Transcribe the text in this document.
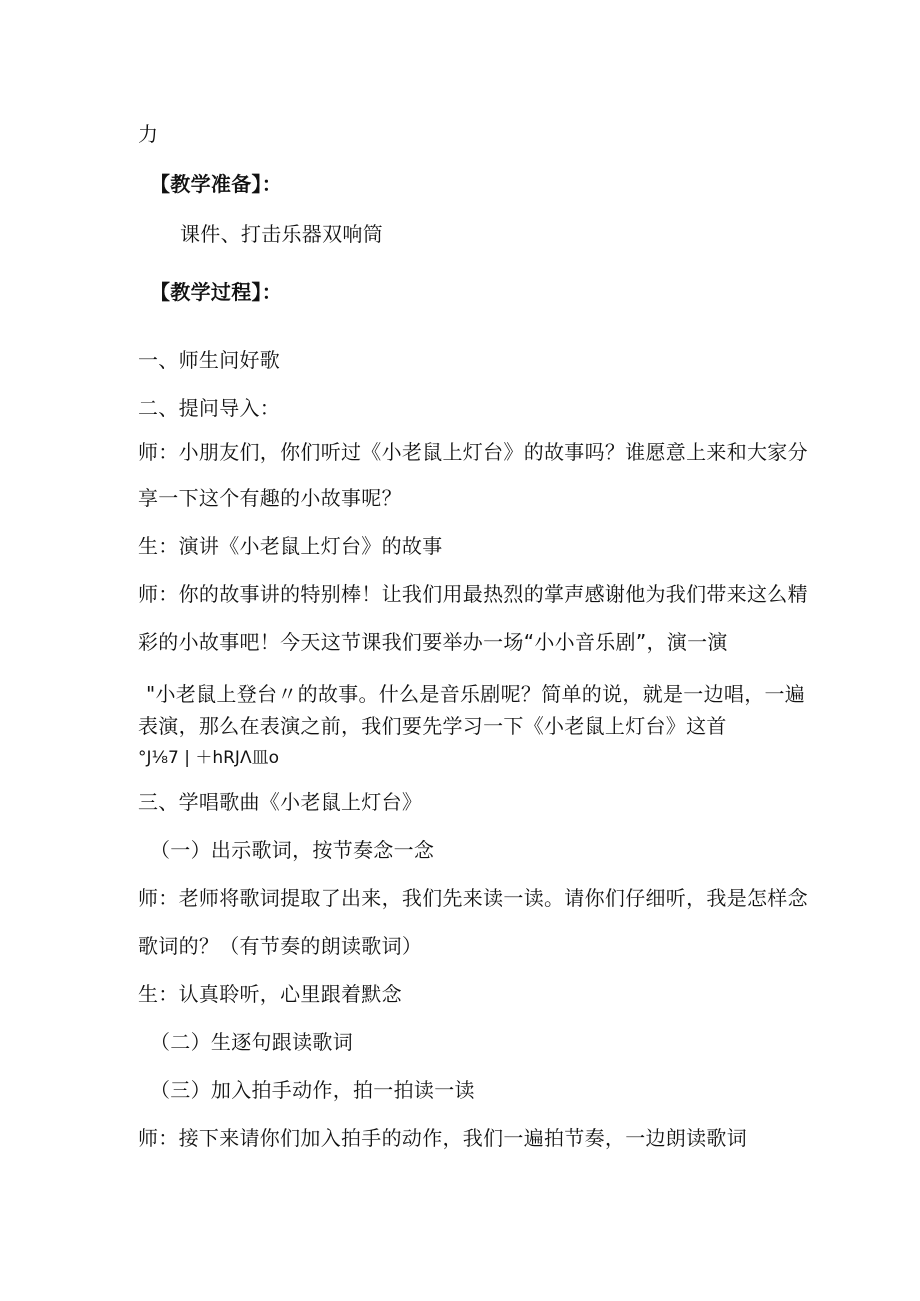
力
【教学准备】：
课件、打击乐器双响筒
【教学过程】：
一、师生问好歌
二、提问导入：
师：小朋友们，你们听过《小老鼠上灯台》的故事吗？谁愿意上来和大家分
享一下这个有趣的小故事呢？
生：演讲《小老鼠上灯台》的故事
师：你的故事讲的特别棒！让我们用最热烈的掌声感谢他为我们带来这么精
彩的小故事吧！今天这节课我们要举办一场“小小音乐剧”，演一演
"小老鼠上登台〃的故事。什么是音乐剧呢？简单的说，就是一边唱，一遍
表演，那么在表演之前，我们要先学习一下《小老鼠上灯台》这首
°J⅛7 | ＋hRJΛ皿o
三、学唱歌曲《小老鼠上灯台》
（一）出示歌词，按节奏念一念
师：老师将歌词提取了出来，我们先来读一读。请你们仔细听，我是怎样念
歌词的？（有节奏的朗读歌词）
生：认真聆听，心里跟着默念
（二）生逐句跟读歌词
（三）加入拍手动作，拍一拍读一读
师：接下来请你们加入拍手的动作，我们一遍拍节奏，一边朗读歌词
